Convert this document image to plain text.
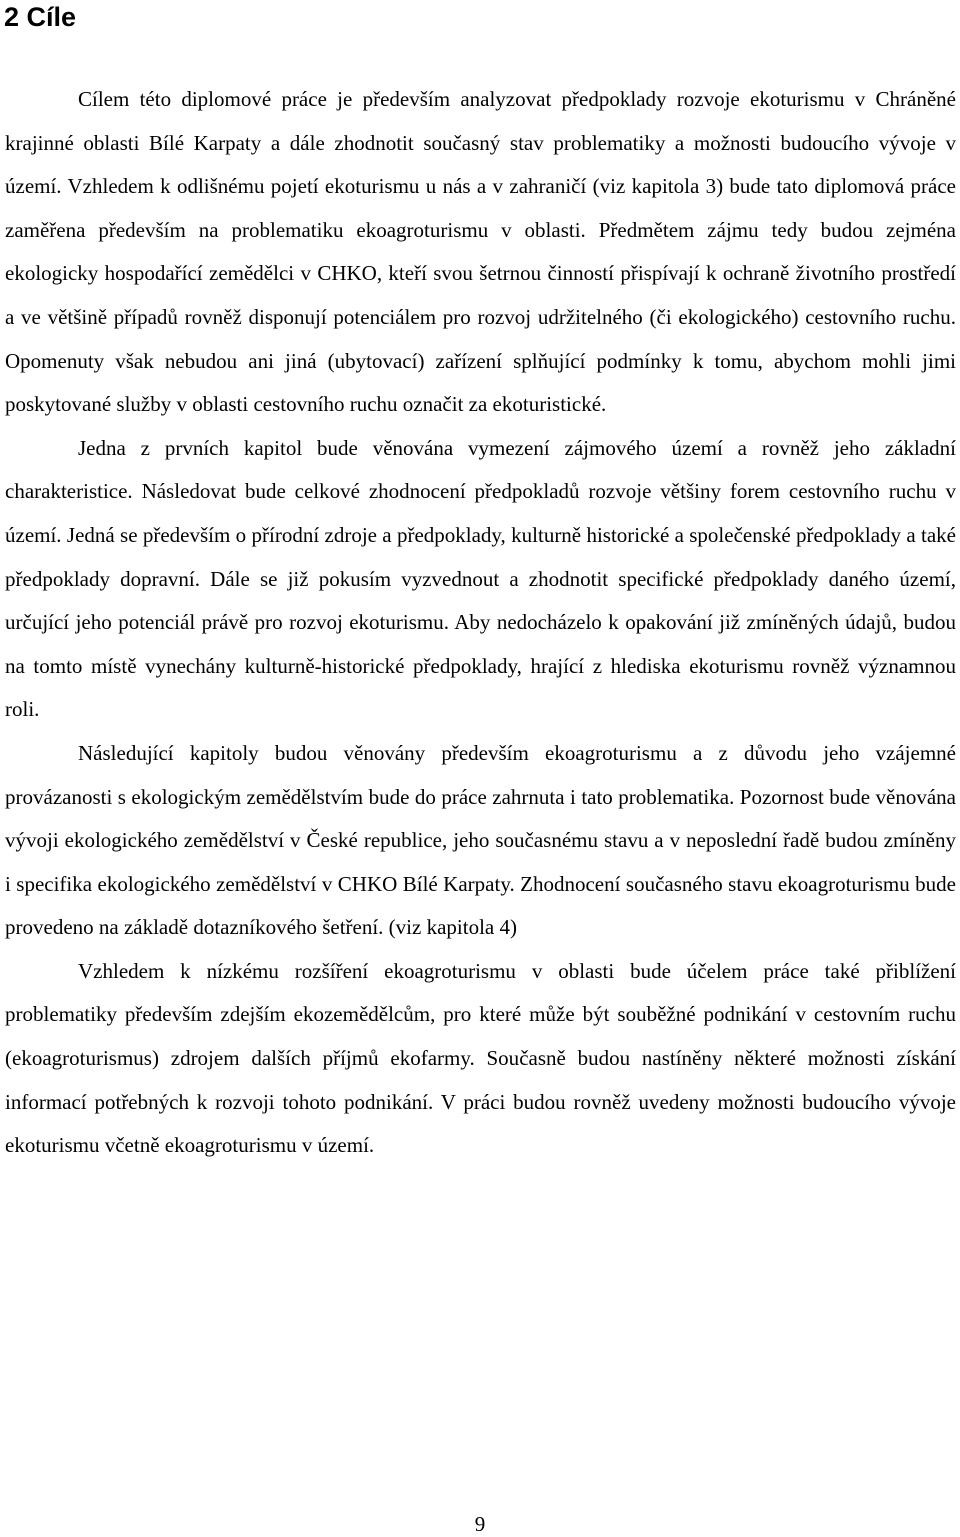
2 Cíle

Cílem této diplomové práce je především analyzovat předpoklady rozvoje ekoturismu v Chráněné krajinné oblasti Bílé Karpaty a dále zhodnotit současný stav problematiky a možnosti budoucího vývoje v území. Vzhledem k odlišnému pojetí ekoturismu u nás a v zahraničí (viz kapitola 3) bude tato diplomová práce zaměřena především na problematiku ekoagroturismu v oblasti. Předmětem zájmu tedy budou zejména ekologicky hospodařící zemědělci v CHKO, kteří svou šetrnou činností přispívají k ochraně životního prostředí a ve většině případů rovněž disponují potenciálem pro rozvoj udržitelného (či ekologického) cestovního ruchu. Opomenuty však nebudou ani jiná (ubytovací) zařízení splňující podmínky k tomu, abychom mohli jimi poskytované služby v oblasti cestovního ruchu označit za ekoturistické.

Jedna z prvních kapitol bude věnována vymezení zájmového území a rovněž jeho základní charakteristice. Následovat bude celkové zhodnocení předpokladů rozvoje většiny forem cestovního ruchu v území. Jedná se především o přírodní zdroje a předpoklady, kulturně historické a společenské předpoklady a také předpoklady dopravní. Dále se již pokusím vyzvednout a zhodnotit specifické předpoklady daného území, určující jeho potenciál právě pro rozvoj ekoturismu. Aby nedocházelo k opakování již zmíněných údajů, budou na tomto místě vynechány kulturně-historické předpoklady, hrající z hlediska ekoturismu rovněž významnou roli.

Následující kapitoly budou věnovány především ekoagroturismu a z důvodu jeho vzájemné provázanosti s ekologickým zemědělstvím bude do práce zahrnuta i tato problematika. Pozornost bude věnována vývoji ekologického zemědělství v České republice, jeho současnému stavu a v neposlední řadě budou zmíněny i specifika ekologického zemědělství v CHKO Bílé Karpaty. Zhodnocení současného stavu ekoagroturismu bude provedeno na základě dotazníkového šetření. (viz kapitola 4)

Vzhledem k nízkému rozšíření ekoagroturismu v oblasti bude účelem práce také přiblížení problematiky především zdejším ekozemědělcům, pro které může být souběžné podnikání v cestovním ruchu (ekoagroturismus) zdrojem dalších příjmů ekofarmy. Současně budou nastíněny některé možnosti získání informací potřebných k rozvoji tohoto podnikání. V práci budou rovněž uvedeny možnosti budoucího vývoje ekoturismu včetně ekoagroturismu v území.

9
